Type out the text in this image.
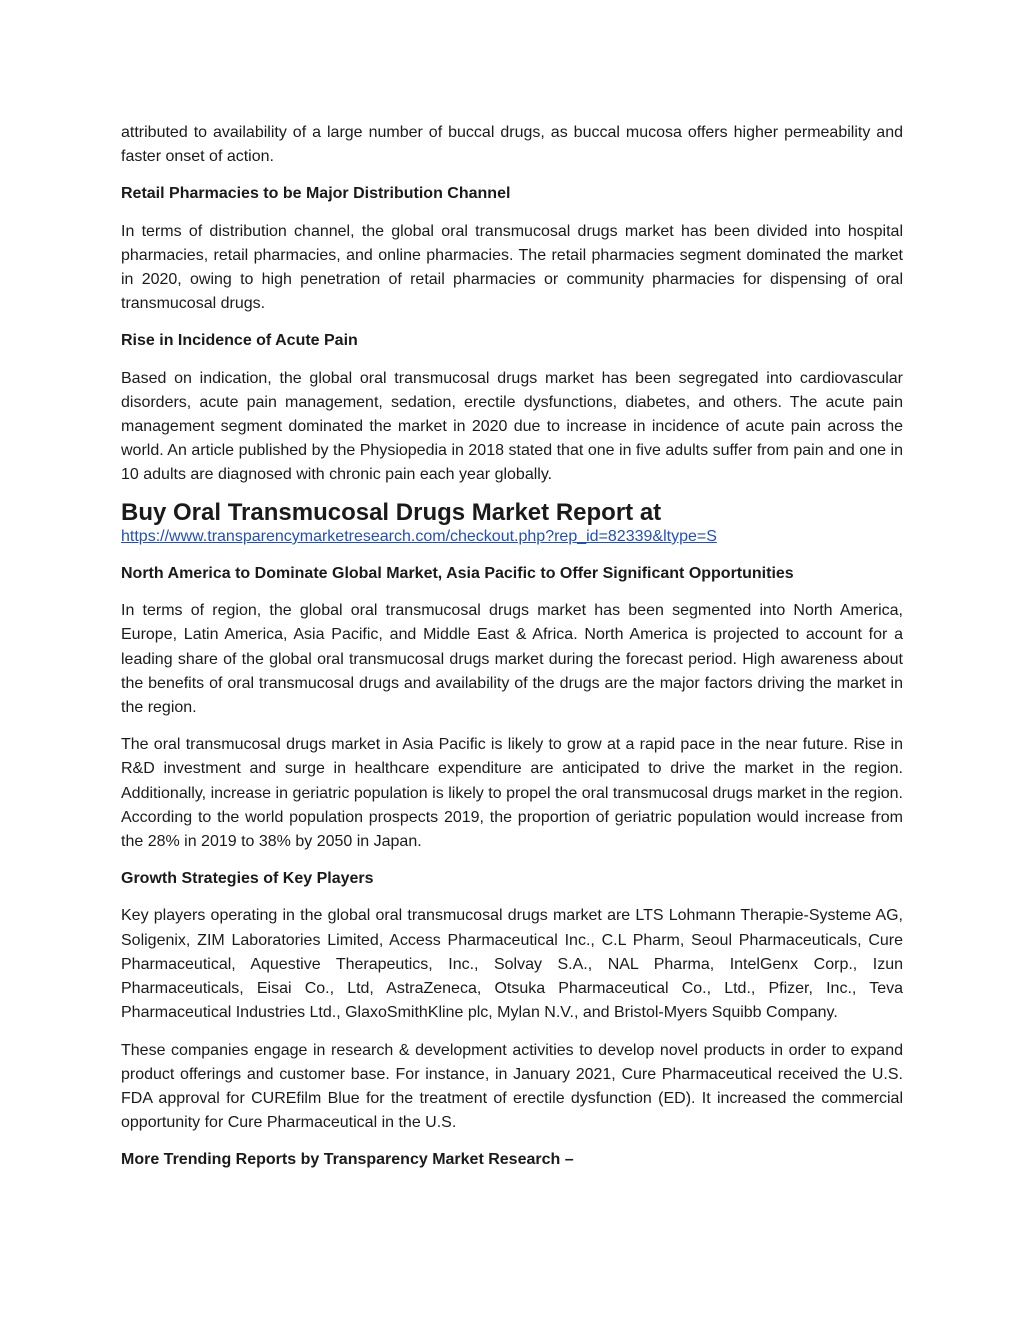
attributed to availability of a large number of buccal drugs, as buccal mucosa offers higher permeability and faster onset of action.

Retail Pharmacies to be Major Distribution Channel

In terms of distribution channel, the global oral transmucosal drugs market has been divided into hospital pharmacies, retail pharmacies, and online pharmacies. The retail pharmacies segment dominated the market in 2020, owing to high penetration of retail pharmacies or community pharmacies for dispensing of oral transmucosal drugs.

Rise in Incidence of Acute Pain

Based on indication, the global oral transmucosal drugs market has been segregated into cardiovascular disorders, acute pain management, sedation, erectile dysfunctions, diabetes, and others. The acute pain management segment dominated the market in 2020 due to increase in incidence of acute pain across the world. An article published by the Physiopedia in 2018 stated that one in five adults suffer from pain and one in 10 adults are diagnosed with chronic pain each year globally.

Buy Oral Transmucosal Drugs Market Report at
https://www.transparencymarketresearch.com/checkout.php?rep_id=82339&ltype=S
North America to Dominate Global Market, Asia Pacific to Offer Significant Opportunities

In terms of region, the global oral transmucosal drugs market has been segmented into North America, Europe, Latin America, Asia Pacific, and Middle East & Africa. North America is projected to account for a leading share of the global oral transmucosal drugs market during the forecast period. High awareness about the benefits of oral transmucosal drugs and availability of the drugs are the major factors driving the market in the region.

The oral transmucosal drugs market in Asia Pacific is likely to grow at a rapid pace in the near future. Rise in R&D investment and surge in healthcare expenditure are anticipated to drive the market in the region. Additionally, increase in geriatric population is likely to propel the oral transmucosal drugs market in the region. According to the world population prospects 2019, the proportion of geriatric population would increase from the 28% in 2019 to 38% by 2050 in Japan.

Growth Strategies of Key Players

Key players operating in the global oral transmucosal drugs market are LTS Lohmann Therapie-Systeme AG, Soligenix, ZIM Laboratories Limited, Access Pharmaceutical Inc., C.L Pharm, Seoul Pharmaceuticals, Cure Pharmaceutical, Aquestive Therapeutics, Inc., Solvay S.A., NAL Pharma, IntelGenx Corp., Izun Pharmaceuticals, Eisai Co., Ltd, AstraZeneca, Otsuka Pharmaceutical Co., Ltd., Pfizer, Inc., Teva Pharmaceutical Industries Ltd., GlaxoSmithKline plc, Mylan N.V., and Bristol-Myers Squibb Company.

These companies engage in research & development activities to develop novel products in order to expand product offerings and customer base. For instance, in January 2021, Cure Pharmaceutical received the U.S. FDA approval for CUREfilm Blue for the treatment of erectile dysfunction (ED). It increased the commercial opportunity for Cure Pharmaceutical in the U.S.

More Trending Reports by Transparency Market Research –
